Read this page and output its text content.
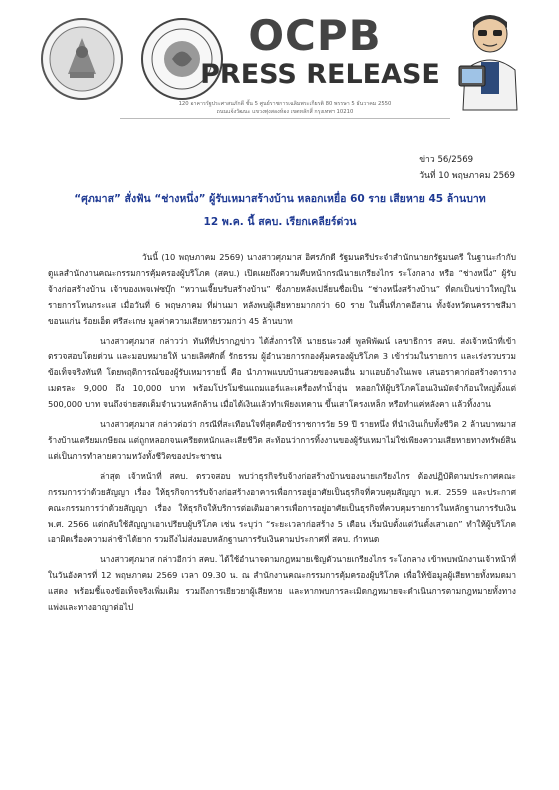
OCPB
PRESS RELEASE
120 อาคารรัฐประศาสนภักดี ชั้น 5 ศูนย์ราชการเฉลิมพระเกียรติ 80 พรรษา 5 ธันวาคม 2550
ถนนแจ้งวัฒนะ แขวงทุ่งสองห้อง เขตหลักสี่ กรุงเทพฯ 10210
ข่าว 56/2569
วันที่ 10 พฤษภาคม 2569
“ศุภมาส” สั่งฟัน “ช่างหนึ่ง” ผู้รับเหมาสร้างบ้าน หลอกเหยื่อ 60 ราย เสียหาย 45 ล้านบาท
12 พ.ค. นี้ สคบ. เรียกเคลียร์ด่วน

วันนี้ (10 พฤษภาคม 2569) นางสาวศุภมาส อิศรภักดี รัฐมนตรีประจำสำนักนายกรัฐมนตรี ในฐานะกำกับดูแลสำนักงานคณะกรรมการคุ้มครองผู้บริโภค (สคบ.) เปิดเผยถึงความคืบหน้ากรณีนายเกรียงไกร ระโงกลาง หรือ “ช่างหนึ่ง” ผู้รับจ้างก่อสร้างบ้าน เจ้าของเพจเฟซบุ๊ก “หวานเจี๊ยบรับสร้างบ้าน” ซึ่งภายหลังเปลี่ยนชื่อเป็น “ช่างหนึ่งสร้างบ้าน” ที่ตกเป็นข่าวใหญ่ในรายการโหนกระแส เมื่อวันที่ 6 พฤษภาคม ที่ผ่านมา หลังพบผู้เสียหายมากกว่า 60 ราย ในพื้นที่ภาคอีสาน ทั้งจังหวัดนครราชสีมา ขอนแก่น ร้อยเอ็ด ศรีสะเกษ มูลค่าความเสียหายรวมกว่า 45 ล้านบาท

นางสาวศุภมาส กล่าวว่า ทันทีที่ปรากฏข่าว ได้สั่งการให้ นายธนะวงศ์ พูลพิพัฒน์ เลขาธิการ สคบ. ส่งเจ้าหน้าที่เข้าตรวจสอบโดยด่วน และมอบหมายให้ นายเลิศศักดิ์ รักธรรม ผู้อำนวยการกองคุ้มครองผู้บริโภค 3 เข้าร่วมในรายการ และเร่งรวบรวมข้อเท็จจริงทันที โดยพฤติการณ์ของผู้รับเหมารายนี้ คือ นำภาพแบบบ้านสวยของคนอื่น มาแอบอ้างในเพจ เสนอราคาก่อสร้างตารางเมตรละ 9,000 ถึง 10,000 บาท พร้อมโปรโมชันแถมแอร์และเครื่องทำน้ำอุ่น หลอกให้ผู้บริโภคโอนเงินมัดจำก้อนใหญ่ตั้งแต่ 500,000 บาท จนถึงจ่ายสดเต็มจำนวนหลักล้าน เมื่อได้เงินแล้วทำเพียงเทคาน ขึ้นเสาโครงเหล็ก หรือทำแค่หลังคา แล้วทิ้งงาน

นางสาวศุภมาส กล่าวต่อว่า กรณีที่สะเทือนใจที่สุดคือข้าราชการวัย 59 ปี รายหนึ่ง ที่นำเงินเก็บทั้งชีวิต 2 ล้านบาทมาสร้างบ้านเตรียมเกษียณ แต่ถูกหลอกจนเครียดหนักและเสียชีวิต สะท้อนว่าการทิ้งงานของผู้รับเหมาไม่ใช่เพียงความเสียหายทางทรัพย์สิน แต่เป็นการทำลายความหวังทั้งชีวิตของประชาชน

ล่าสุด เจ้าหน้าที่ สคบ. ตรวจสอบ พบว่าธุรกิจรับจ้างก่อสร้างบ้านของนายเกรียงไกร ต้องปฏิบัติตามประกาศคณะกรรมการว่าด้วยสัญญา เรื่อง ให้ธุรกิจการรับจ้างก่อสร้างอาคารเพื่อการอยู่อาศัยเป็นธุรกิจที่ควบคุมสัญญา พ.ศ. 2559 และประกาศคณะกรรมการว่าด้วยสัญญา เรื่อง ให้ธุรกิจให้บริการต่อเติมอาคารเพื่อการอยู่อาศัยเป็นธุรกิจที่ควบคุมรายการในหลักฐานการรับเงิน พ.ศ. 2566 แต่กลับใช้สัญญาเอาเปรียบผู้บริโภค เช่น ระบุว่า “ระยะเวลาก่อสร้าง 5 เดือน เริ่มนับตั้งแต่วันตั้งเสาเอก” ทำให้ผู้บริโภคเอาผิดเรื่องความล่าช้าได้ยาก รวมถึงไม่ส่งมอบหลักฐานการรับเงินตามประกาศที่ สคบ. กำหนด

นางสาวศุภมาส กล่าวอีกว่า สคบ. ได้ใช้อำนาจตามกฎหมายเชิญตัวนายเกรียงไกร ระโงกลาง เข้าพบพนักงานเจ้าหน้าที่ในวันอังคารที่ 12 พฤษภาคม 2569 เวลา 09.30 น. ณ สำนักงานคณะกรรมการคุ้มครองผู้บริโภค เพื่อให้ข้อมูลผู้เสียหายทั้งหมดมาแสดง พร้อมชี้แจงข้อเท็จจริงเพิ่มเติม รวมถึงการเยียวยาผู้เสียหาย และหากพบการละเมิดกฎหมายจะดำเนินการตามกฎหมายทั้งทางแพ่งและทางอาญาต่อไป
